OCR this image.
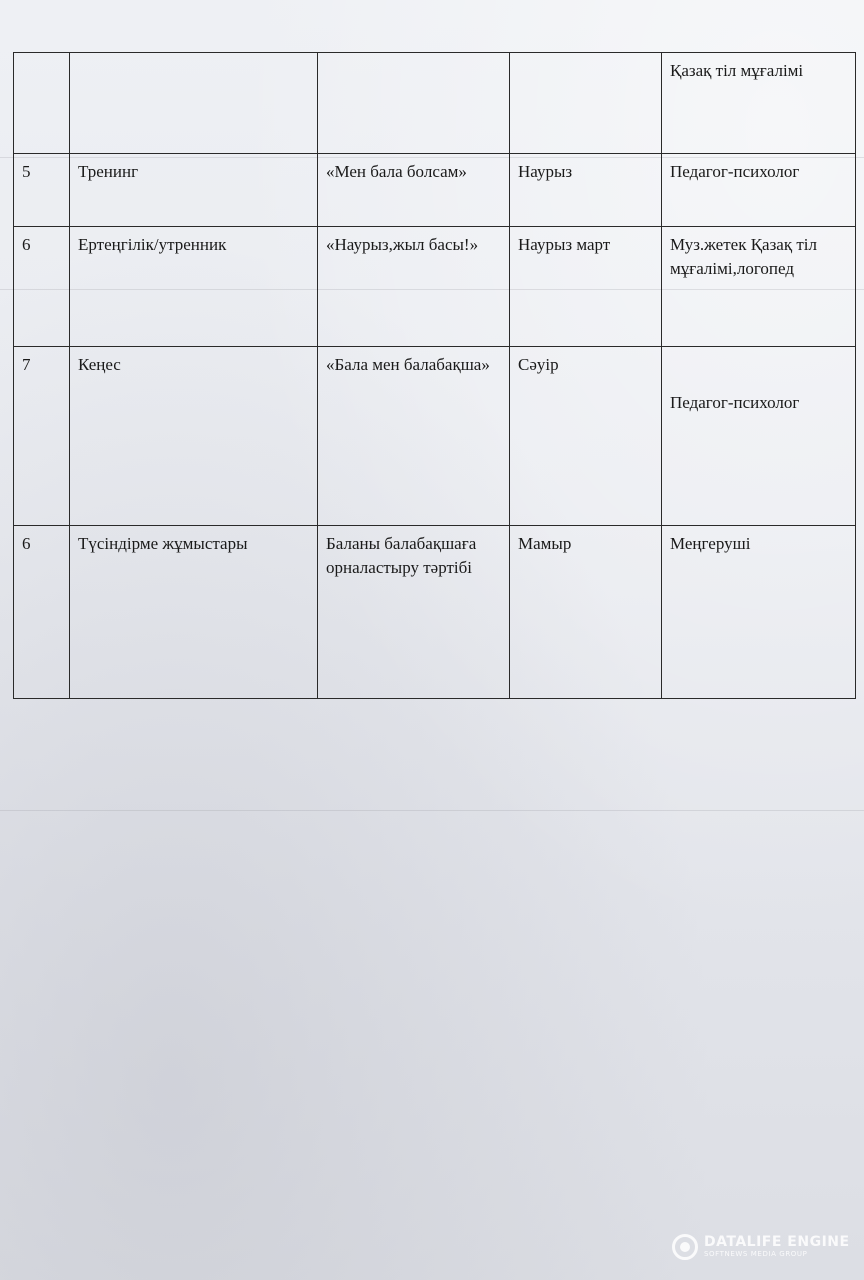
				Қазақ тіл мұғалімі
5	Тренинг	«Мен бала болсам»	Наурыз	Педагог-психолог
6	Ертеңгілік/утренник	«Наурыз,жыл басы!»	Наурыз март	Муз.жетек Қазақ тіл мұғалімі,логопед
7	Кеңес	«Бала мен балабақша»	Сәуір	Педагог-психолог
6	Түсіндірме жұмыстары	Баланы балабақшаға орналастыру тәртібі	Мамыр	Меңгеруші
DATALIFE ENGINE
SOFTNEWS MEDIA GROUP
